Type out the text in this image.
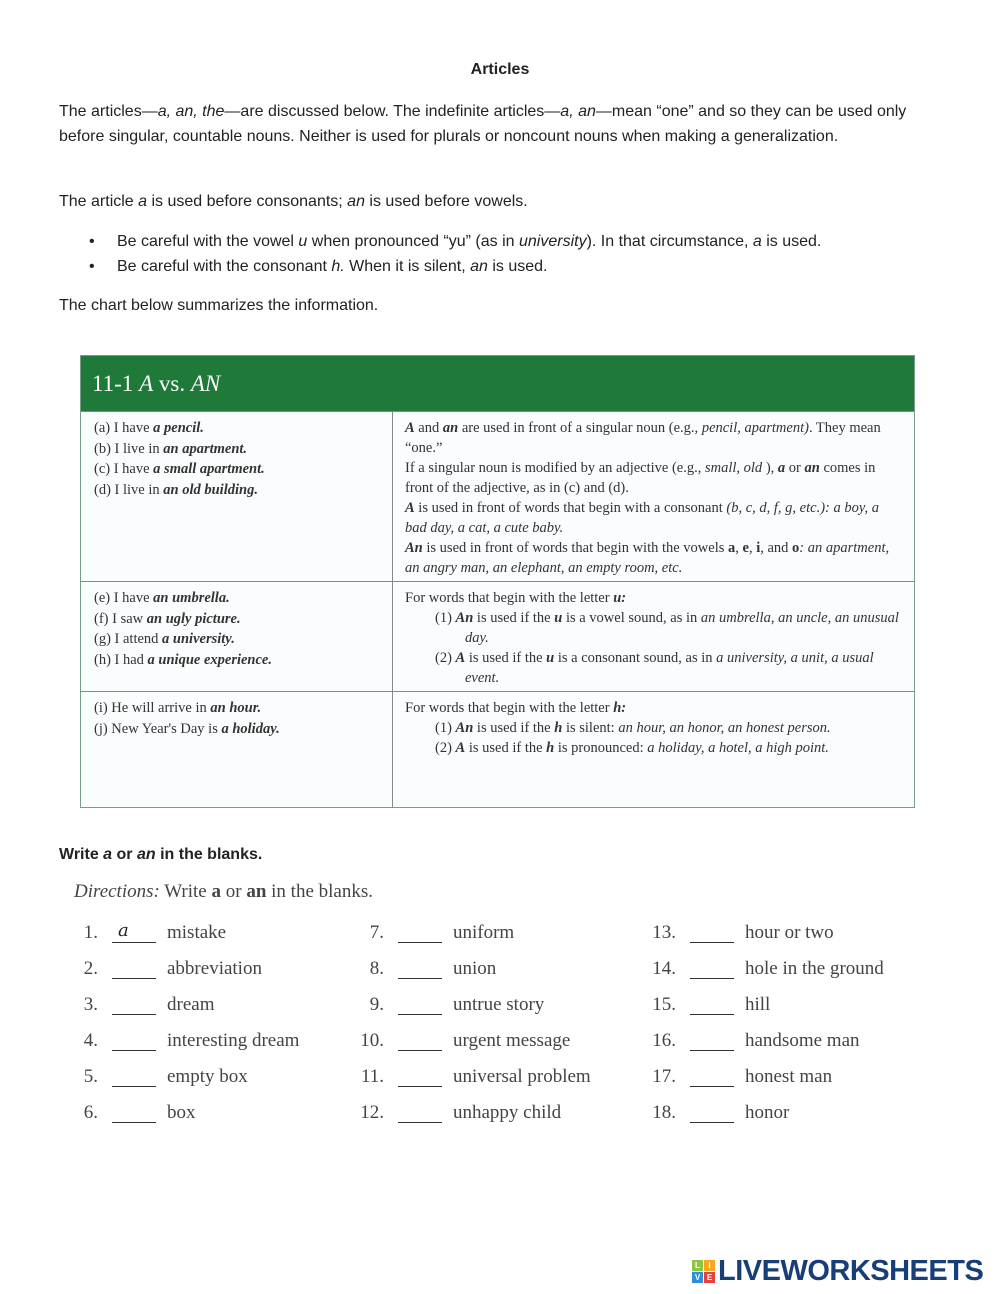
Articles
The articles—a, an, the—are discussed below. The indefinite articles—a, an—mean “one” and so they can be used only before singular, countable nouns. Neither is used for plurals or noncount nouns when making a generalization.
The article a is used before consonants; an is used before vowels.
• Be careful with the vowel u when pronounced “yu” (as in university). In that circumstance, a is used.
• Be careful with the consonant h. When it is silent, an is used.
The chart below summarizes the information.
11-1 A vs. AN
(a) I have a pencil.
(b) I live in an apartment.
(c) I have a small apartment.
(d) I live in an old building.
A and an are used in front of a singular noun (e.g., pencil, apartment). They mean “one.”
If a singular noun is modified by an adjective (e.g., small, old ), a or an comes in front of the adjective, as in (c) and (d).
A is used in front of words that begin with a consonant (b, c, d, f, g, etc.): a boy, a bad day, a cat, a cute baby.
An is used in front of words that begin with the vowels a, e, i, and o: an apartment, an angry man, an elephant, an empty room, etc.
(e) I have an umbrella.
(f) I saw an ugly picture.
(g) I attend a university.
(h) I had a unique experience.
For words that begin with the letter u:
(1) An is used if the u is a vowel sound, as in an umbrella, an uncle, an unusual day.
(2) A is used if the u is a consonant sound, as in a university, a unit, a usual event.
(i) He will arrive in an hour.
(j) New Year's Day is a holiday.
For words that begin with the letter h:
(1) An is used if the h is silent: an hour, an honor, an honest person.
(2) A is used if the h is pronounced: a holiday, a hotel, a high point.
Write a or an in the blanks.
Directions: Write a or an in the blanks.
1. a mistake
2.	abbreviation
3.	dream
4.	interesting dream
5.	empty box
6.	box
7.	uniform
8.	union
9.	untrue story
10.	urgent message
11.	universal problem
12.	unhappy child
13.	hour or two
14.	hole in the ground
15.	hill
16.	handsome man
17.	honest man
18.	honor
L	I
V E LIVEWORKSHEETS
